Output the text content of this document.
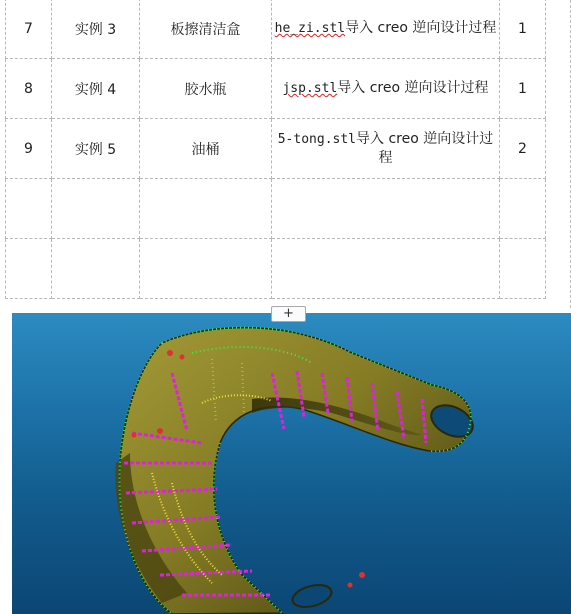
7	实例 3	板擦清洁盒	he_zi.stl导入 creo 逆向设计过程	1
8	实例 4	胶水瓶	jsp.stl导入 creo 逆向设计过程	1
9	实例 5	油桶	5-tong.stl导入 creo 逆向设计过程	2

+
